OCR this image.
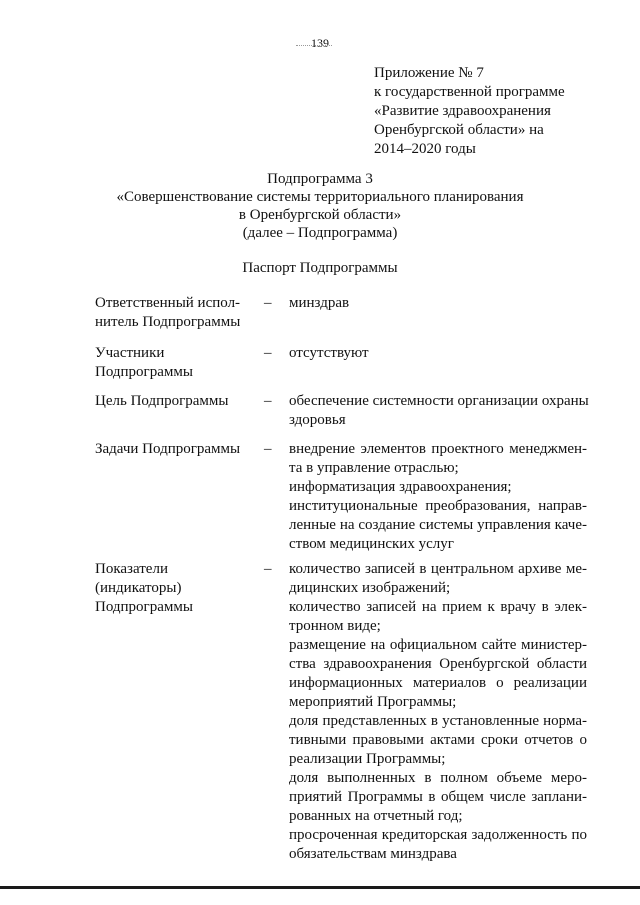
139
Приложение № 7
к государственной программе
«Развитие здравоохранения
Оренбургской области» на
2014–2020 годы
Подпрограмма 3
«Совершенствование системы территориального планирования
в Оренбургской области»
(далее – Подпрограмма)
Паспорт Подпрограммы
Ответственный испол-
нитель Подпрограммы
– минздрав
Участники
Подпрограммы
– отсутствуют
Цель Подпрограммы	– обеспечение системности организации охраны
здоровья
Задачи Подпрограммы	– внедрение элементов проектного менеджмен-
та в управление отраслью;
информатизация здравоохранения;
институциональные преобразования, направ-
ленные на создание системы управления каче-
ством медицинских услуг
Показатели
(индикаторы)
Подпрограммы
– количество записей в центральном архиве ме-
дицинских изображений;
количество записей на прием к врачу в элек-
тронном виде;
размещение на официальном сайте министер-
ства здравоохранения Оренбургской области
информационных материалов о реализации
мероприятий Программы;
доля представленных в установленные норма-
тивными правовыми актами сроки отчетов о
реализации Программы;
доля выполненных в полном объеме меро-
приятий Программы в общем числе заплани-
рованных на отчетный год;
просроченная кредиторская задолженность по
обязательствам минздрава
